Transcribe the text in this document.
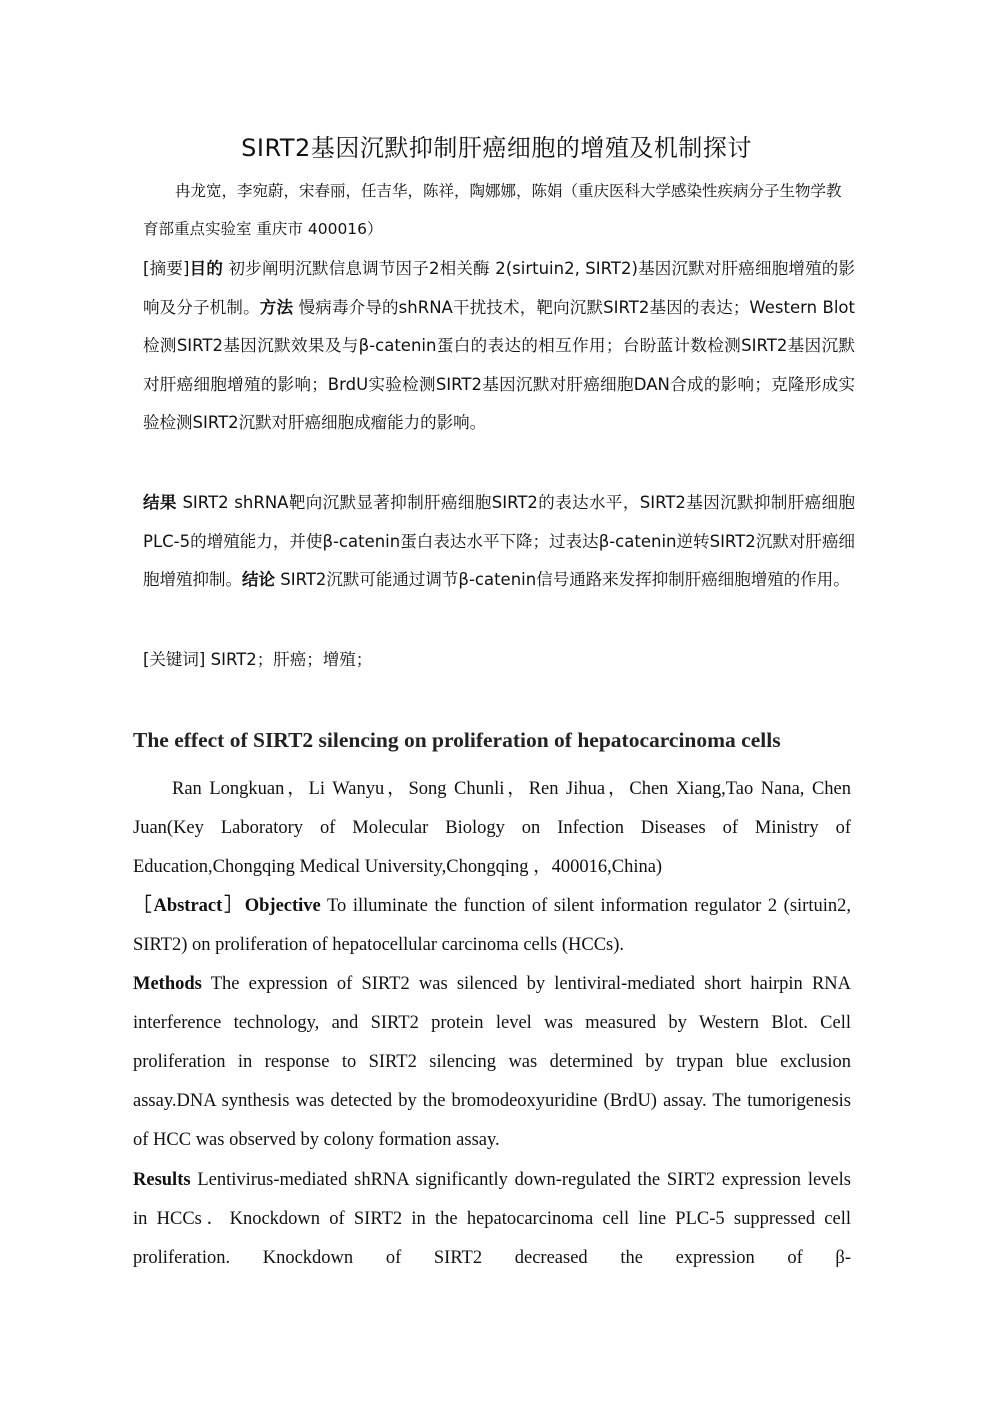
SIRT2基因沉默抑制肝癌细胞的增殖及机制探讨
冉龙宽，李宛蔚，宋春丽，任吉华，陈祥，陶娜娜，陈娟（重庆医科大学感染性疾病分子生物学教育部重点实验室 重庆市 400016）
[摘要]目的 初步阐明沉默信息调节因子2相关酶 2(sirtuin2, SIRT2)基因沉默对肝癌细胞增殖的影响及分子机制。方法 慢病毒介导的shRNA干扰技术，靶向沉默SIRT2基因的表达；Western Blot检测SIRT2基因沉默效果及与β-catenin蛋白的表达的相互作用；台盼蓝计数检测SIRT2基因沉默对肝癌细胞增殖的影响；BrdU实验检测SIRT2基因沉默对肝癌细胞DAN合成的影响；克隆形成实验检测SIRT2沉默对肝癌细胞成瘤能力的影响。
结果 SIRT2 shRNA靶向沉默显著抑制肝癌细胞SIRT2的表达水平，SIRT2基因沉默抑制肝癌细胞PLC-5的增殖能力，并使β-catenin蛋白表达水平下降；过表达β-catenin逆转SIRT2沉默对肝癌细胞增殖抑制。结论 SIRT2沉默可能通过调节β-catenin信号通路来发挥抑制肝癌细胞增殖的作用。
[关键词] SIRT2；肝癌；增殖；
The effect of SIRT2 silencing on proliferation of hepatocarcinoma cells
Ran Longkuan，Li Wanyu，Song Chunli，Ren Jihua，Chen Xiang,Tao Nana, Chen Juan(Key Laboratory of Molecular Biology on Infection Diseases of Ministry of Education,Chongqing Medical University,Chongqing ，400016,China)
［Abstract］Objective To illuminate the function of silent information regulator 2 (sirtuin2, SIRT2) on proliferation of hepatocellular carcinoma cells (HCCs).
Methods The expression of SIRT2 was silenced by lentiviral-mediated short hairpin RNA interference technology, and SIRT2 protein level was measured by Western Blot. Cell proliferation in response to SIRT2 silencing was determined by trypan blue exclusion assay.DNA synthesis was detected by the bromodeoxyuridine (BrdU) assay. The tumorigenesis of HCC was observed by colony formation assay.
Results Lentivirus-mediated shRNA significantly down-regulated the SIRT2 expression levels in HCCs．Knockdown of SIRT2 in the hepatocarcinoma cell line PLC-5 suppressed cell proliferation. Knockdown of SIRT2 decreased the expression of β-
